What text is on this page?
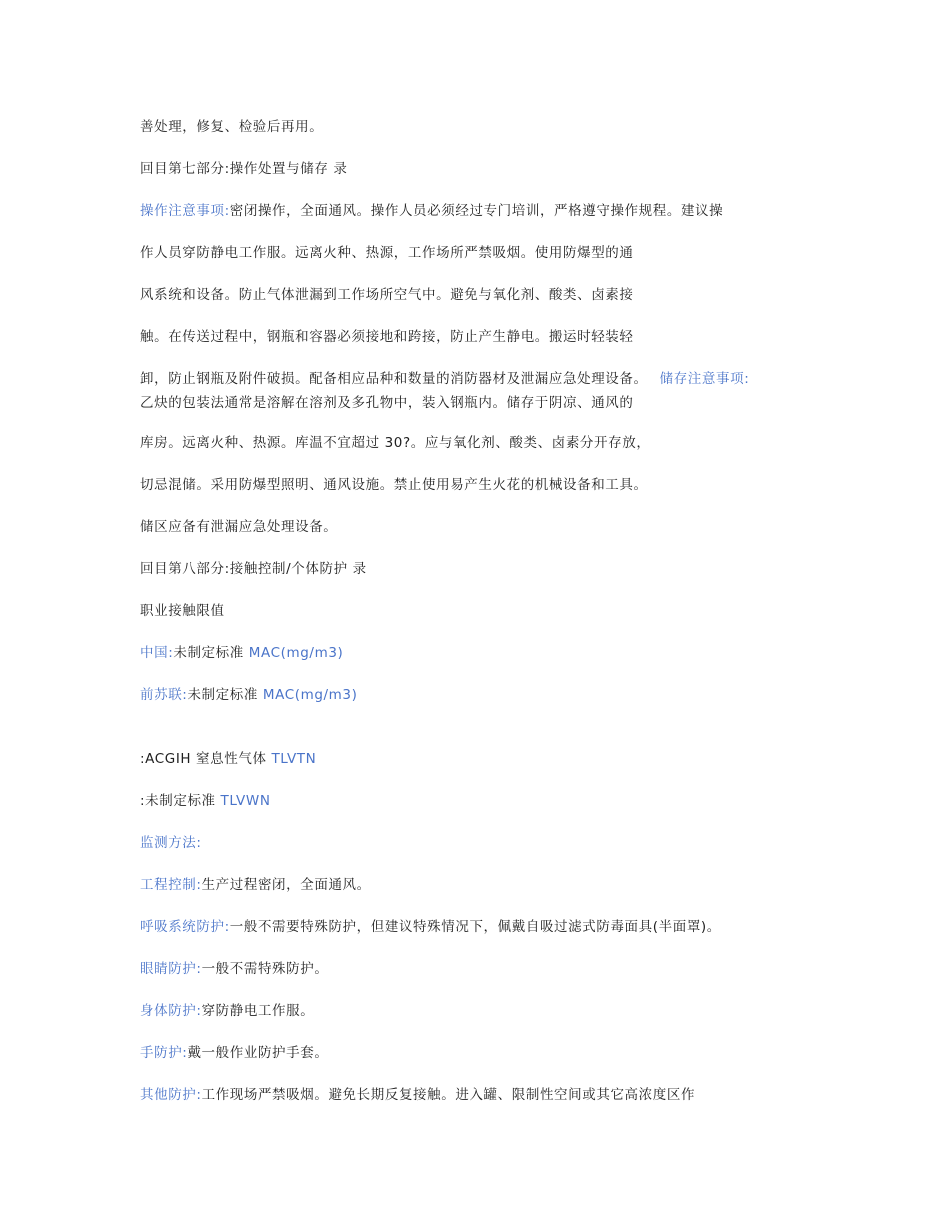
善处理，修复、检验后再用。
回目第七部分:操作处置与储存 录
操作注意事项:密闭操作，全面通风。操作人员必须经过专门培训，严格遵守操作规程。建议操
作人员穿防静电工作服。远离火种、热源，工作场所严禁吸烟。使用防爆型的通
风系统和设备。防止气体泄漏到工作场所空气中。避免与氧化剂、酸类、卤素接
触。在传送过程中，钢瓶和容器必须接地和跨接，防止产生静电。搬运时轻装轻
卸，防止钢瓶及附件破损。配备相应品种和数量的消防器材及泄漏应急处理设备。 储存注意事项:
乙炔的包装法通常是溶解在溶剂及多孔物中，装入钢瓶内。储存于阴凉、通风的
库房。远离火种、热源。库温不宜超过 30?。应与氧化剂、酸类、卤素分开存放，
切忌混储。采用防爆型照明、通风设施。禁止使用易产生火花的机械设备和工具。
储区应备有泄漏应急处理设备。
回目第八部分:接触控制/个体防护 录
职业接触限值
中国:未制定标准 MAC(mg/m3)
前苏联:未制定标准 MAC(mg/m3)
:ACGIH 窒息性气体 TLVTN
:未制定标准 TLVWN
监测方法:
工程控制:生产过程密闭，全面通风。
呼吸系统防护:一般不需要特殊防护，但建议特殊情况下，佩戴自吸过滤式防毒面具(半面罩)。
眼睛防护:一般不需特殊防护。
身体防护:穿防静电工作服。
手防护:戴一般作业防护手套。
其他防护:工作现场严禁吸烟。避免长期反复接触。进入罐、限制性空间或其它高浓度区作
